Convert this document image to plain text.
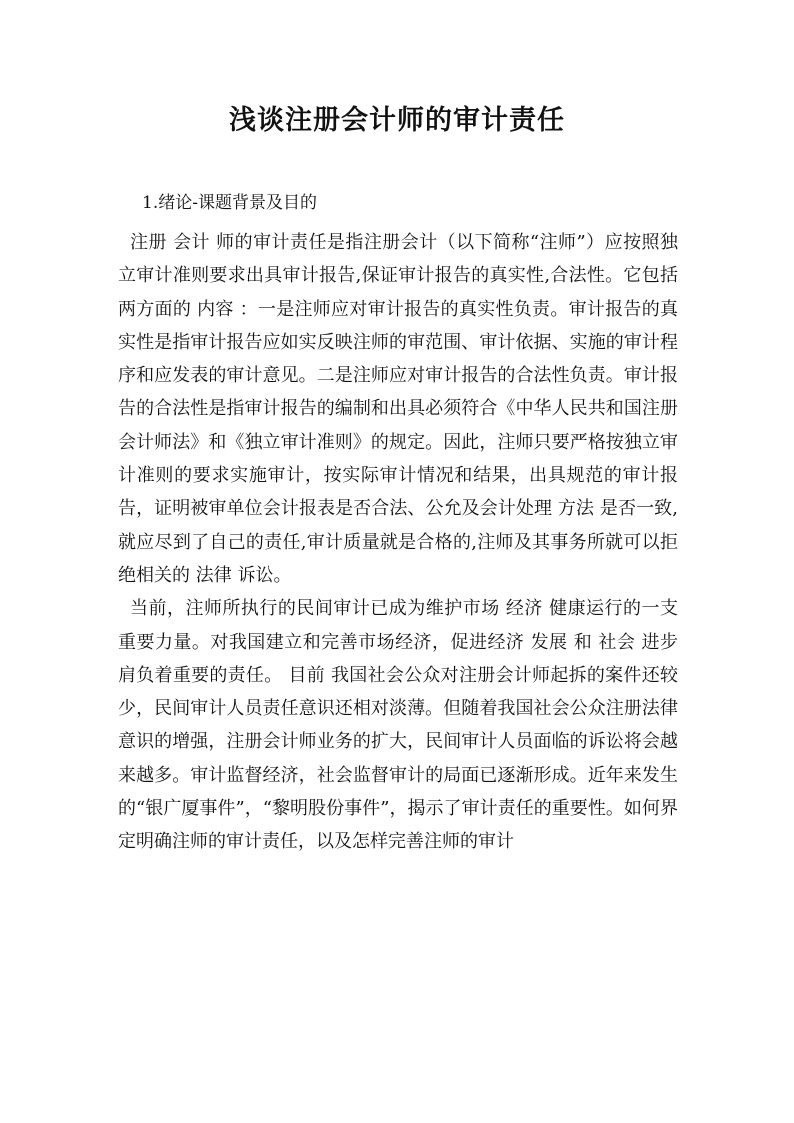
浅谈注册会计师的审计责任
1.绪论-课题背景及目的

注册 会计 师的审计责任是指注册会计（以下简称“注师”）应按照独立审计准则要求出具审计报告,保证审计报告的真实性,合法性。它包括两方面的 内容 ：一是注师应对审计报告的真实性负责。审计报告的真实性是指审计报告应如实反映注师的审范围、审计依据、实施的审计程序和应发表的审计意见。二是注师应对审计报告的合法性负责。审计报告的合法性是指审计报告的编制和出具必须符合《中华人民共和国注册会计师法》和《独立审计准则》的规定。因此，注师只要严格按独立审计准则的要求实施审计，按实际审计情况和结果，出具规范的审计报告，证明被审单位会计报表是否合法、公允及会计处理 方法 是否一致,就应尽到了自己的责任,审计质量就是合格的,注师及其事务所就可以拒绝相关的 法律 诉讼。

当前，注师所执行的民间审计已成为维护市场 经济 健康运行的一支重要力量。对我国建立和完善市场经济，促进经济 发展 和 社会 进步肩负着重要的责任。 目前 我国社会公众对注册会计师起拆的案件还较少，民间审计人员责任意识还相对淡薄。但随着我国社会公众注册法律意识的增强，注册会计师业务的扩大，民间审计人员面临的诉讼将会越来越多。审计监督经济，社会监督审计的局面已逐渐形成。近年来发生的“银广厦事件”，“黎明股份事件”，揭示了审计责任的重要性。如何界定明确注师的审计责任，以及怎样完善注师的审计
